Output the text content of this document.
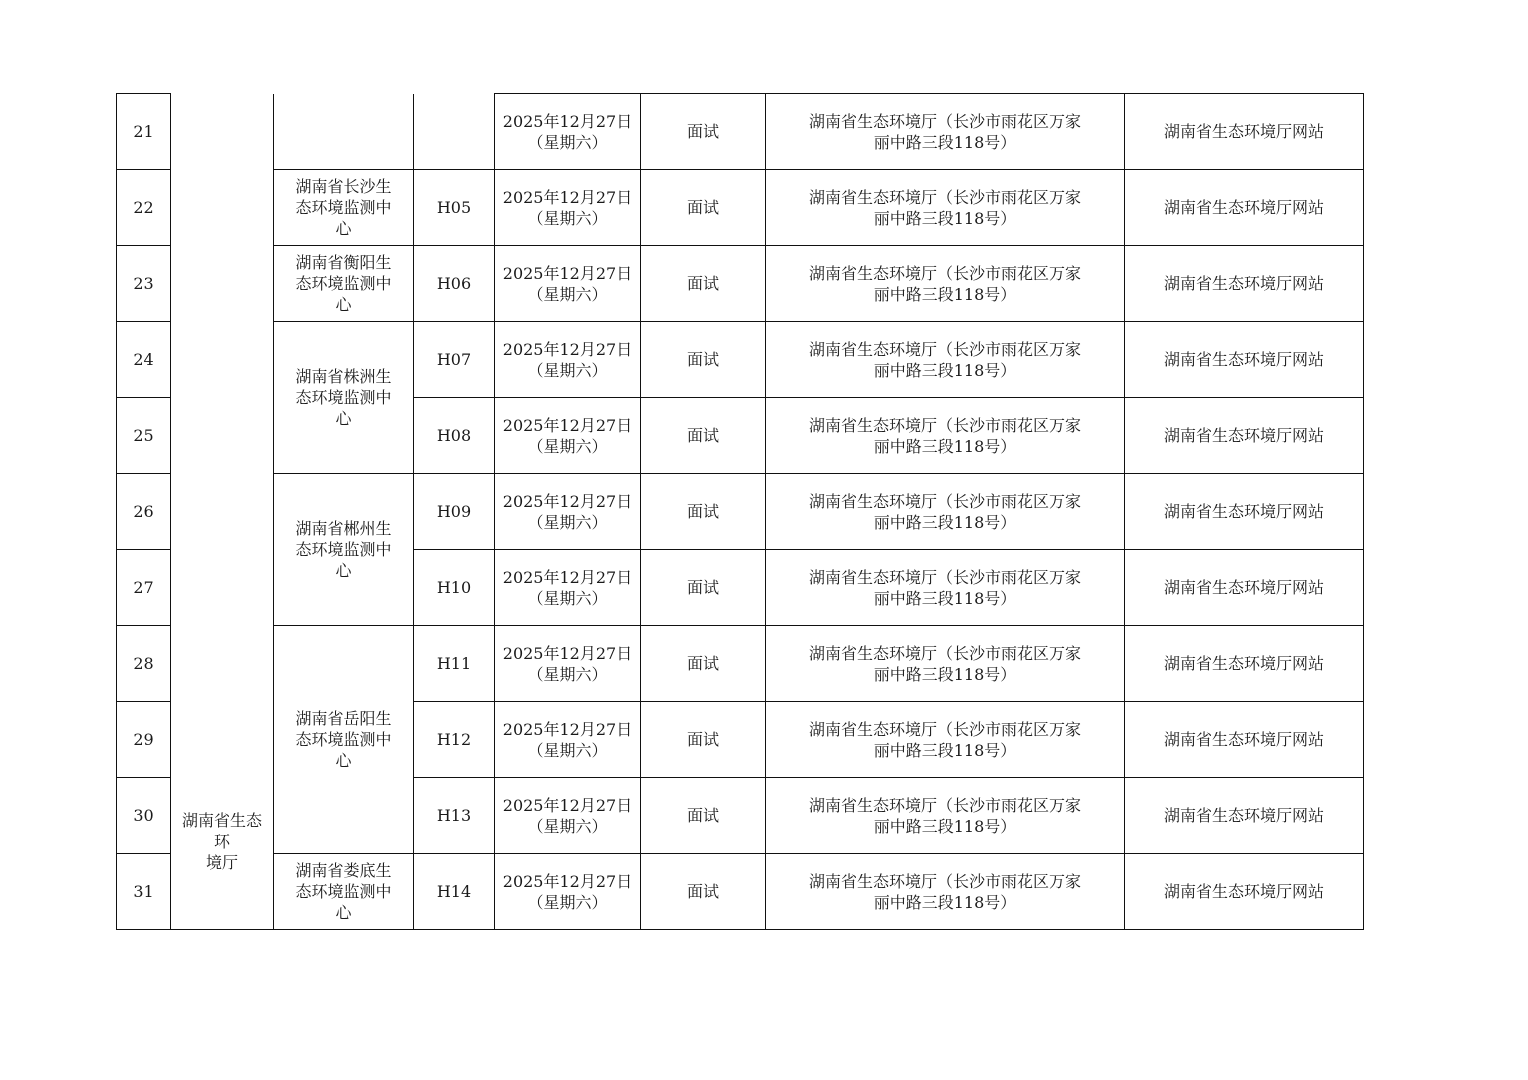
21	湖南省生态环
境厅			2025年12月27日
（星期六）	面试	湖南省生态环境厅（长沙市雨花区万家
丽中路三段118号）	湖南省生态环境厅网站
22		湖南省长沙生
态环境监测中
心	H05	2025年12月27日
（星期六）	面试	湖南省生态环境厅（长沙市雨花区万家
丽中路三段118号）	湖南省生态环境厅网站
23		湖南省衡阳生
态环境监测中
心	H06	2025年12月27日
（星期六）	面试	湖南省生态环境厅（长沙市雨花区万家
丽中路三段118号）	湖南省生态环境厅网站
24		湖南省株洲生
态环境监测中
心	H07	2025年12月27日
（星期六）	面试	湖南省生态环境厅（长沙市雨花区万家
丽中路三段118号）	湖南省生态环境厅网站
25			H08	2025年12月27日
（星期六）	面试	湖南省生态环境厅（长沙市雨花区万家
丽中路三段118号）	湖南省生态环境厅网站
26		湖南省郴州生
态环境监测中
心	H09	2025年12月27日
（星期六）	面试	湖南省生态环境厅（长沙市雨花区万家
丽中路三段118号）	湖南省生态环境厅网站
27			H10	2025年12月27日
（星期六）	面试	湖南省生态环境厅（长沙市雨花区万家
丽中路三段118号）	湖南省生态环境厅网站
28		湖南省岳阳生
态环境监测中
心	H11	2025年12月27日
（星期六）	面试	湖南省生态环境厅（长沙市雨花区万家
丽中路三段118号）	湖南省生态环境厅网站
29			H12	2025年12月27日
（星期六）	面试	湖南省生态环境厅（长沙市雨花区万家
丽中路三段118号）	湖南省生态环境厅网站
30			H13	2025年12月27日
（星期六）	面试	湖南省生态环境厅（长沙市雨花区万家
丽中路三段118号）	湖南省生态环境厅网站
31		湖南省娄底生
态环境监测中
心	H14	2025年12月27日
（星期六）	面试	湖南省生态环境厅（长沙市雨花区万家
丽中路三段118号）	湖南省生态环境厅网站
